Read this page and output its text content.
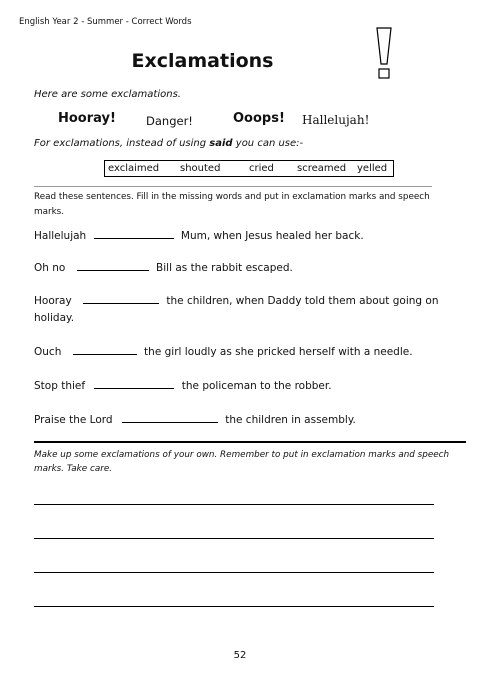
English Year 2 - Summer - Correct Words
Exclamations
Here are some exclamations.
Hooray!	Danger!	Ooops! Hallelujah!
For exclamations, instead of using said you can use:-
exclaimed shouted	cried screamed yelled
Read these sentences. Fill in the missing words and put in exclamation marks and speech marks.
Hallelujah	Mum, when Jesus healed her back.
Oh no	Bill as the rabbit escaped.
Hooray	the children, when Daddy told them about going on
holiday.
Ouch	the girl loudly as she pricked herself with a needle.
Stop thief	the policeman to the robber.
Praise the Lord	the children in assembly.
Make up some exclamations of your own. Remember to put in exclamation marks and speech marks. Take care.
52
